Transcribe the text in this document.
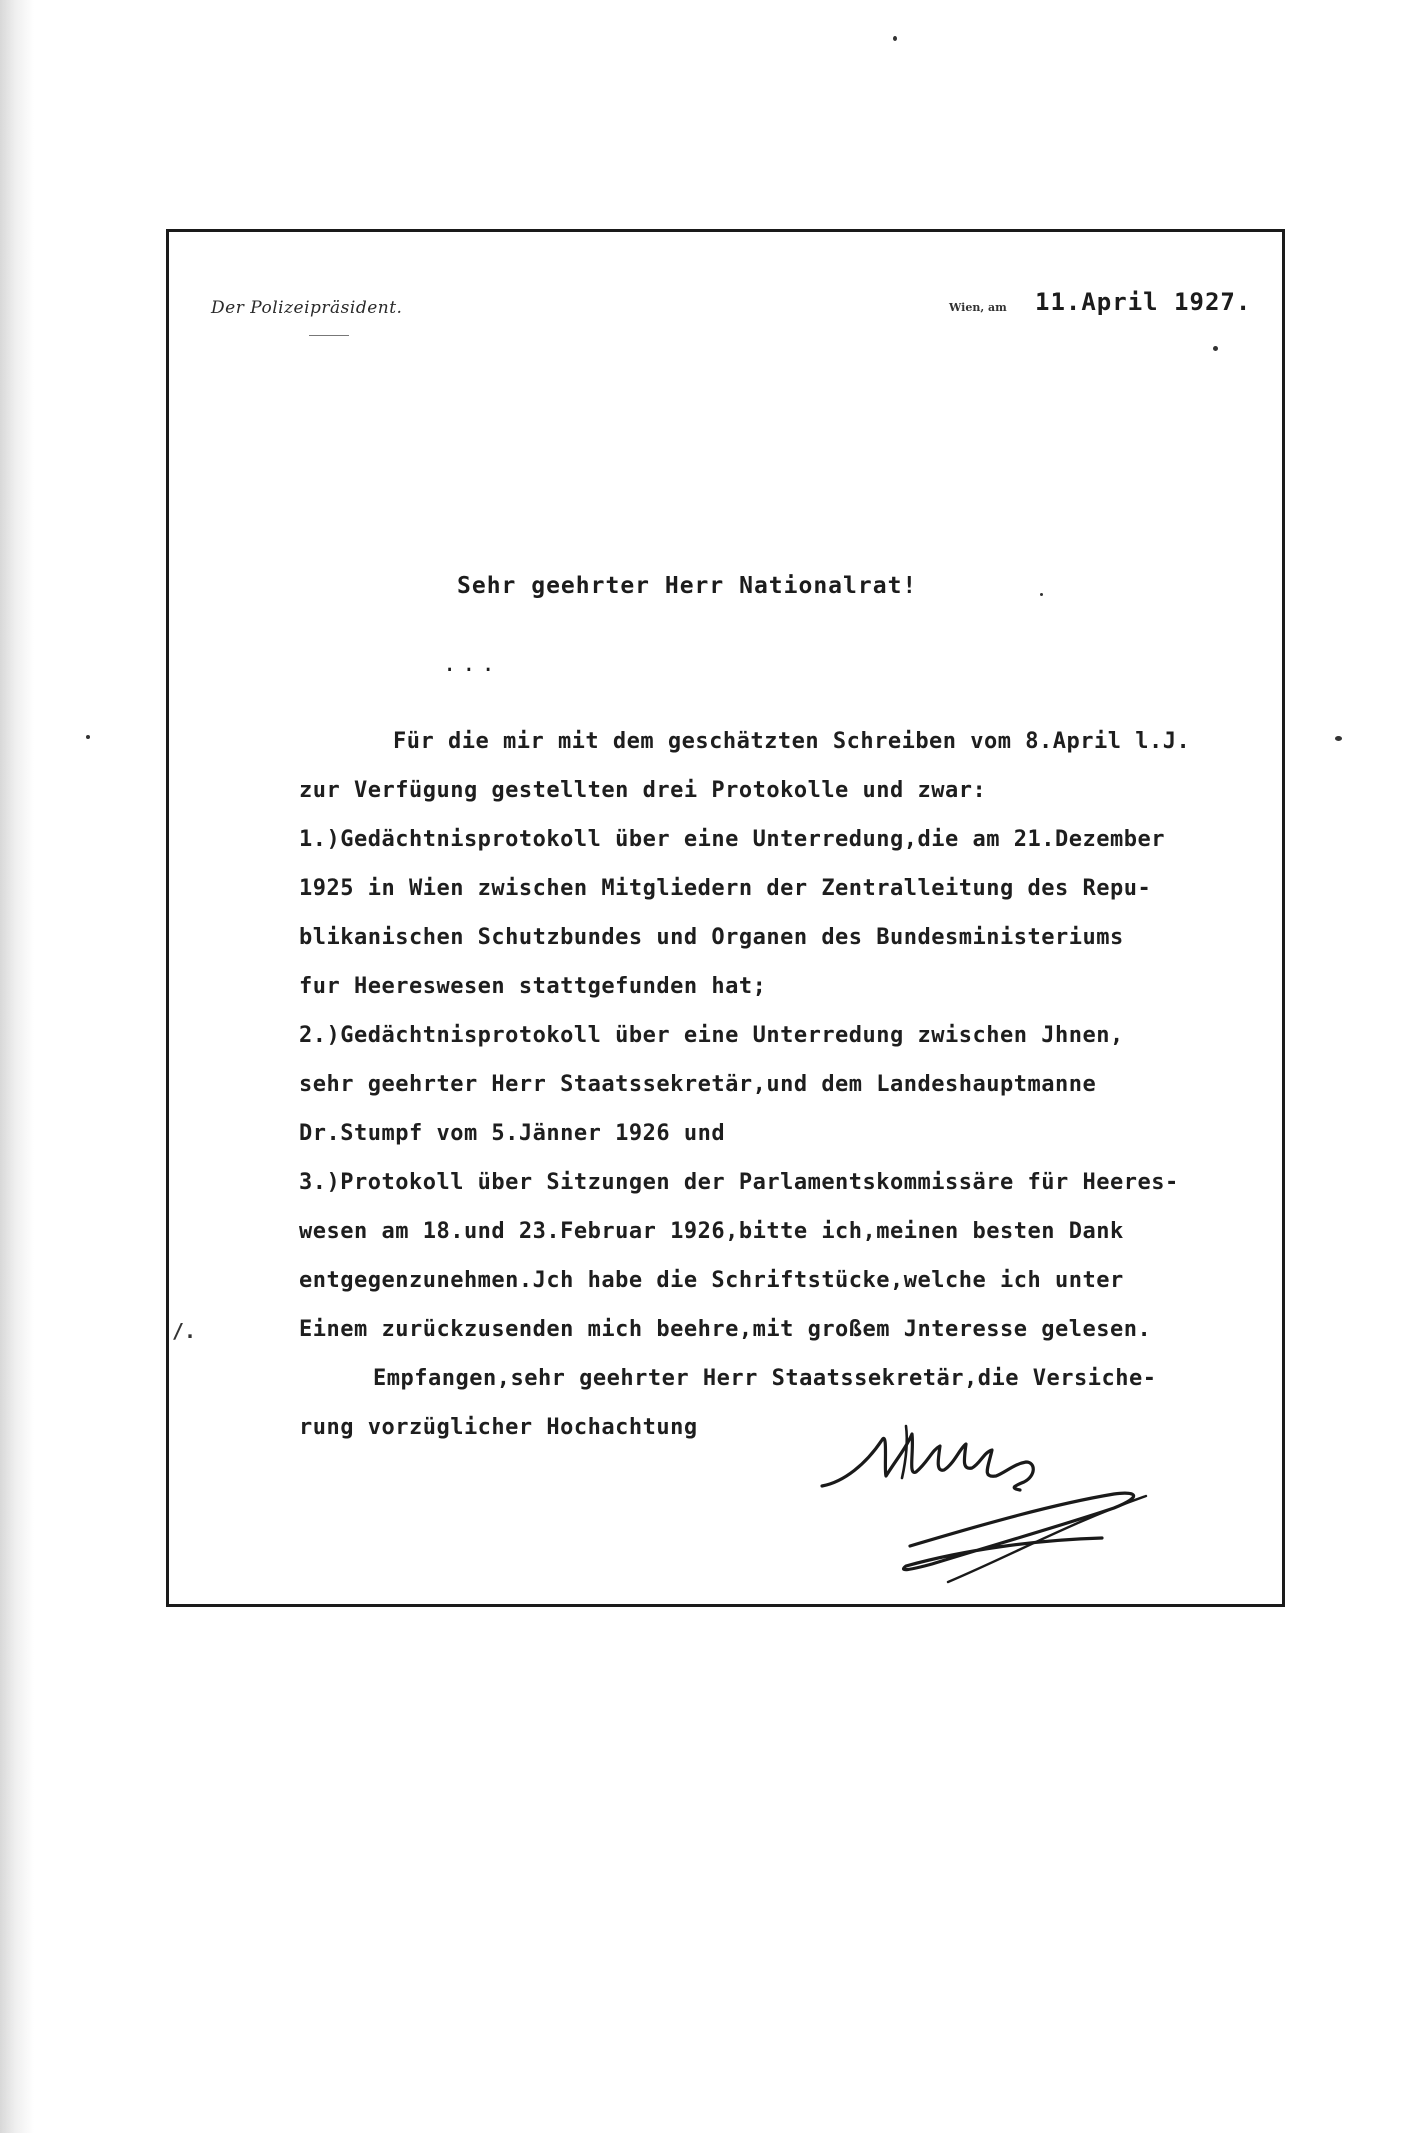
Der Polizeipräsident.	Wien, am 11.April 1927.
Sehr geehrter Herr Nationalrat!
...
Für die mir mit dem geschätzten Schreiben vom 8.April l.J.
zur Verfügung gestellten drei Protokolle und zwar:
1.)Gedächtnisprotokoll über eine Unterredung,die am 21.Dezember
1925 in Wien zwischen Mitgliedern der Zentralleitung des Repu-
blikanischen Schutzbundes und Organen des Bundesministeriums
fur Heereswesen stattgefunden hat;
2.)Gedächtnisprotokoll über eine Unterredung zwischen Jhnen,
sehr geehrter Herr Staatssekretär,und dem Landeshauptmanne
Dr.Stumpf vom 5.Jänner 1926 und
3.)Protokoll über Sitzungen der Parlamentskommissäre für Heeres-
wesen am 18.und 23.Februar 1926,bitte ich,meinen besten Dank
entgegenzunehmen.Jch habe die Schriftstücke,welche ich unter
Einem zurückzusenden mich beehre,mit großem Jnteresse gelesen.
Empfangen,sehr geehrter Herr Staatssekretär,die Versiche-
rung vorzüglicher Hochachtung
/.
